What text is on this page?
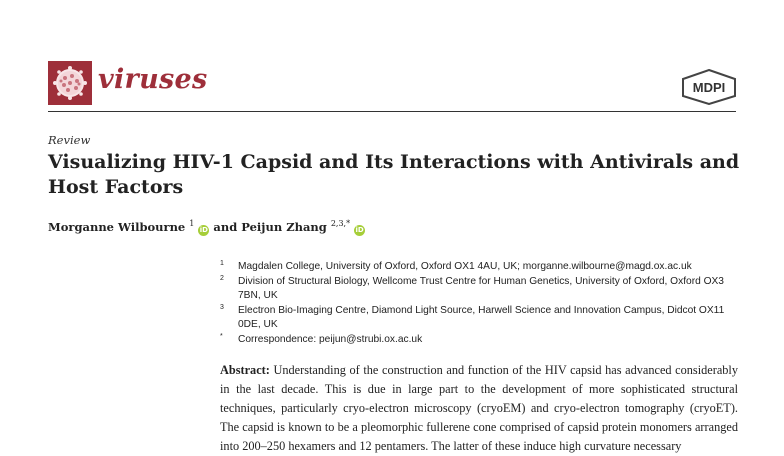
viruses	MDPI
Review
Visualizing HIV-1 Capsid and Its Interactions with Antivirals and Host Factors
Morganne Wilbourne $^1$ iD and Peijun Zhang $^{2,3,*}$ iD
1 Magdalen College, University of Oxford, Oxford OX1 4AU, UK; morganne.wilbourne@magd.ox.ac.uk
2 Division of Structural Biology, Wellcome Trust Centre for Human Genetics, University of Oxford, Oxford OX3 7BN, UK
3 Electron Bio-Imaging Centre, Diamond Light Source, Harwell Science and Innovation Campus, Didcot OX11 0DE, UK
* Correspondence: peijun@strubi.ox.ac.uk
Abstract: Understanding of the construction and function of the HIV capsid has advanced considerably in the last decade. This is due in large part to the development of more sophisticated structural techniques, particularly cryo-electron microscopy (cryoEM) and cryo-electron tomography (cryoET). The capsid is known to be a pleomorphic fullerene cone comprised of capsid protein monomers arranged into 200–250 hexamers and 12 pentamers. The latter of these induce high curvature necessary
